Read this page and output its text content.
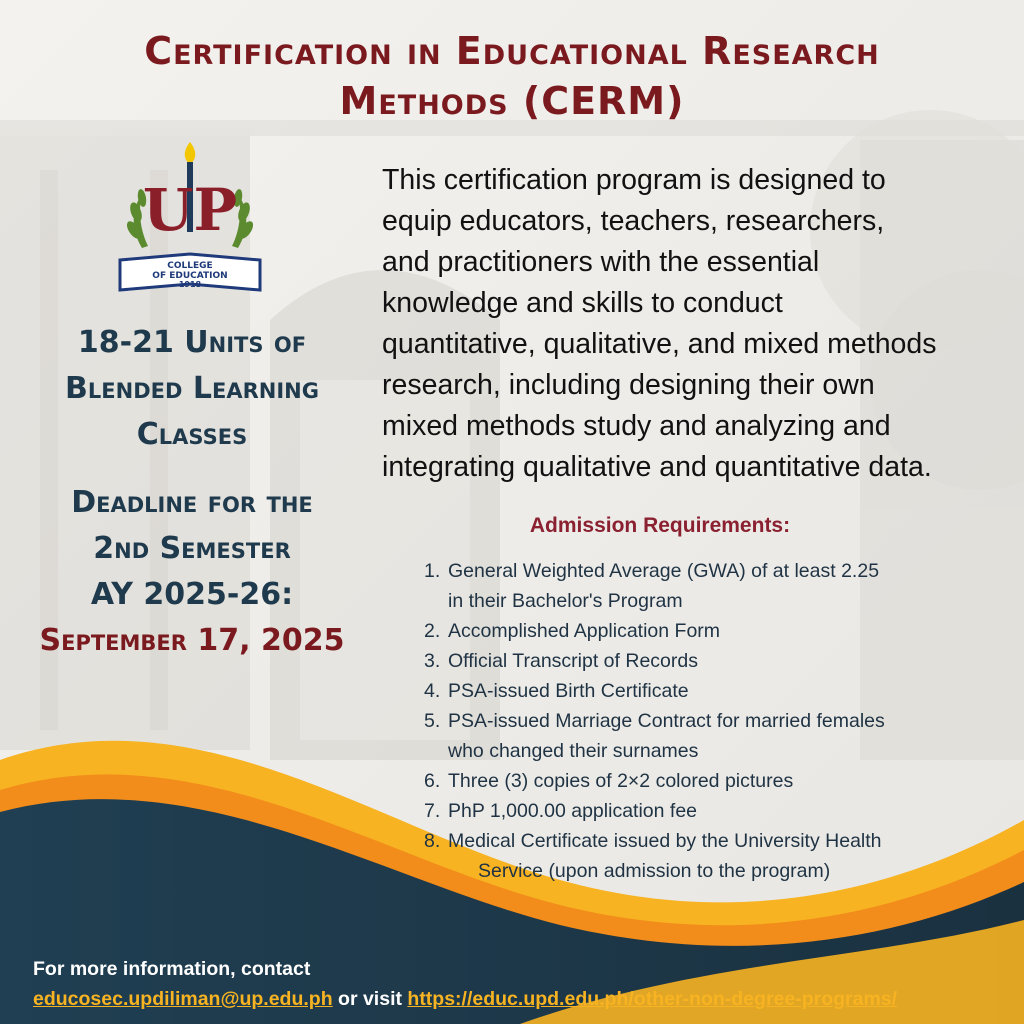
Certification in Educational Research
Methods (CERM)
UP
COLLEGE
OF EDUCATION
1918
18-21 Units of
Blended Learning
Classes
Deadline for the
2nd Semester
AY 2025-26:
September 17, 2025
This certification program is designed to
equip educators, teachers, researchers,
and practitioners with the essential
knowledge and skills to conduct
quantitative, qualitative, and mixed methods
research, including designing their own
mixed methods study and analyzing and
integrating qualitative and quantitative data.
Admission Requirements:
1. General Weighted Average (GWA) of at least 2.25
in their Bachelor's Program
2. Accomplished Application Form
3. Official Transcript of Records
4. PSA-issued Birth Certificate
5. PSA-issued Marriage Contract for married females
who changed their surnames
6. Three (3) copies of 2×2 colored pictures
7. PhP 1,000.00 application fee
8. Medical Certificate issued by the University Health
Service (upon admission to the program)
For more information, contact
educosec.updiliman@up.edu.ph or visit https://educ.upd.edu.ph/other-non-degree-programs/
